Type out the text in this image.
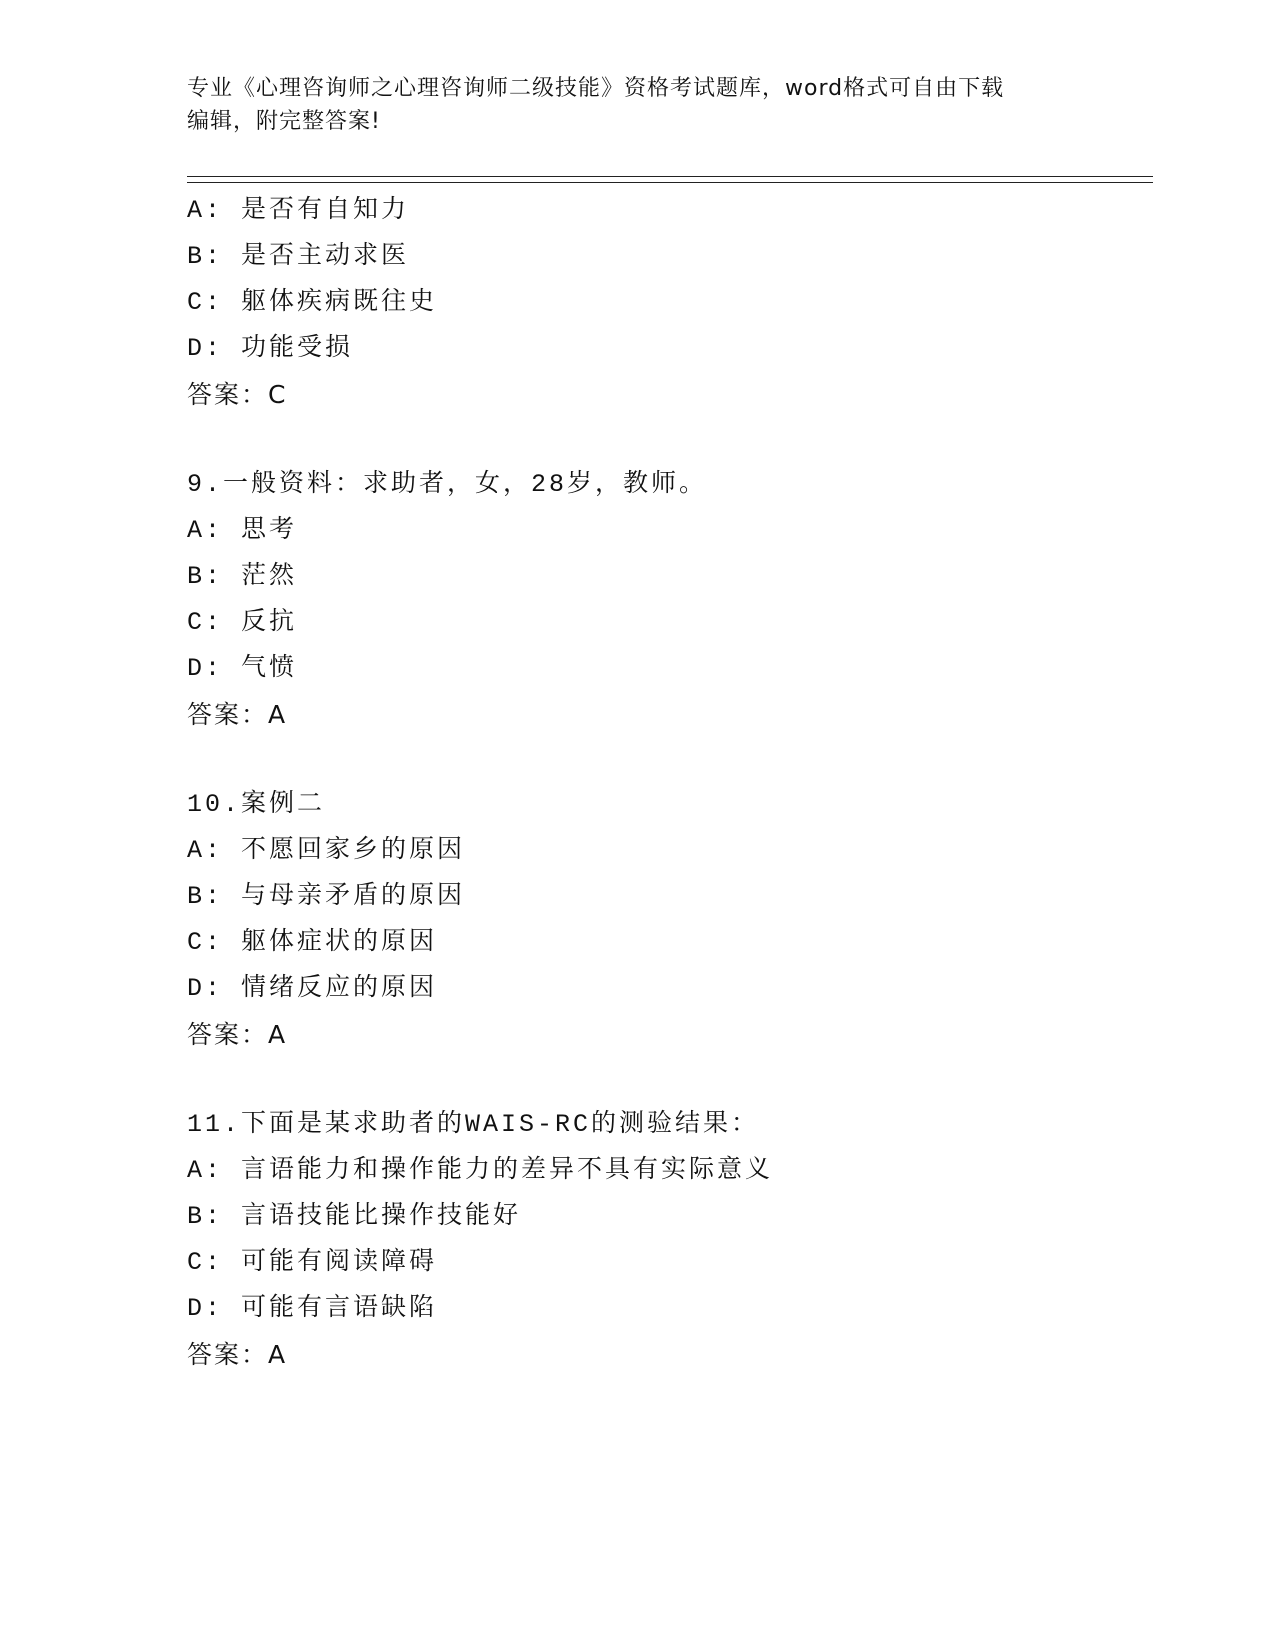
专业《心理咨询师之心理咨询师二级技能》资格考试题库，word格式可自由下载
编辑，附完整答案!
A: 是否有自知力
B: 是否主动求医
C: 躯体疾病既往史
D: 功能受损
答案：C
9.一般资料：求助者，女，28岁，教师。
A: 思考
B: 茫然
C: 反抗
D: 气愤
答案：A
10.案例二
A: 不愿回家乡的原因
B: 与母亲矛盾的原因
C: 躯体症状的原因
D: 情绪反应的原因
答案：A
11.下面是某求助者的WAIS-RC的测验结果：
A: 言语能力和操作能力的差异不具有实际意义
B: 言语技能比操作技能好
C: 可能有阅读障碍
D: 可能有言语缺陷
答案：A
